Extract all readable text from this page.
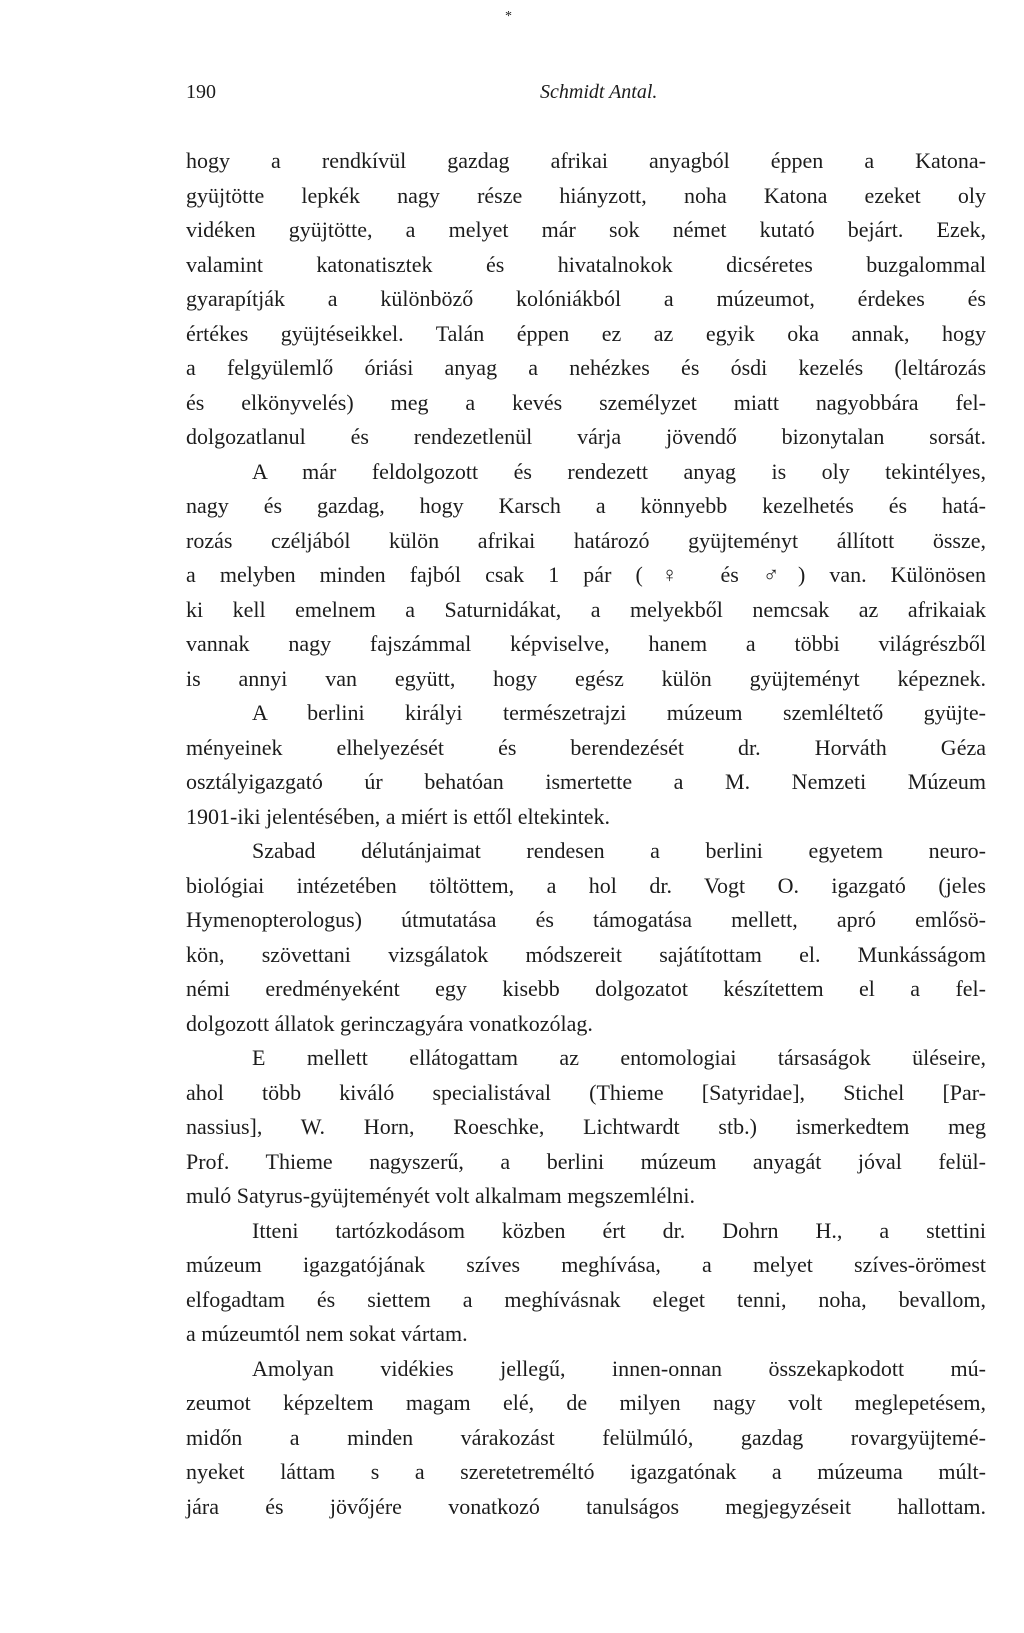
*
190	Schmidt Antal.
hogy a rendkívül gazdag afrikai anyagból éppen a Katona-
gyüjtötte lepkék nagy része hiányzott, noha Katona ezeket oly
vidéken gyüjtötte, a melyet már sok német kutató bejárt. Ezek,
valamint katonatisztek és hivatalnokok dicséretes buzgalommal
gyarapítják a különböző kolóniákból a múzeumot, érdekes és
értékes gyüjtéseikkel. Talán éppen ez az egyik oka annak, hogy
a felgyülemlő óriási anyag a nehézkes és ósdi kezelés (leltározás
és elkönyvelés) meg a kevés személyzet miatt nagyobbára fel-
dolgozatlanul és rendezetlenül várja jövendő bizonytalan sorsát.
A már feldolgozott és rendezett anyag is oly tekintélyes,
nagy és gazdag, hogy Karsch a könnyebb kezelhetés és hatá-
rozás czéljából külön afrikai határozó gyüjteményt állított össze,
a melyben minden fajból csak 1 pár (♀ és ♂) van. Különösen
ki kell emelnem a Saturnidákat, a melyekből nemcsak az afrikaiak
vannak nagy fajszámmal képviselve, hanem a többi világrészből
is annyi van együtt, hogy egész külön gyüjteményt képeznek.
A berlini királyi természetrajzi múzeum szemléltető gyüjte-
ményeinek elhelyezését és berendezését dr. Horváth Géza
osztályigazgató úr behatóan ismertette a M. Nemzeti Múzeum
1901-iki jelentésében, a miért is ettől eltekintek.
Szabad délutánjaimat rendesen a berlini egyetem neuro-
biológiai intézetében töltöttem, a hol dr. Vogt O. igazgató (jeles
Hymenopterologus) útmutatása és támogatása mellett, apró emlősö-
kön, szövettani vizsgálatok módszereit sajátítottam el. Munkásságom
némi eredményeként egy kisebb dolgozatot készítettem el a fel-
dolgozott állatok gerinczagyára vonatkozólag.
E mellett ellátogattam az entomologiai társaságok üléseire,
ahol több kiváló specialistával (Thieme [Satyridae], Stichel [Par-
nassius], W. Horn, Roeschke, Lichtwardt stb.) ismerkedtem meg
Prof. Thieme nagyszerű, a berlini múzeum anyagát jóval felül-
muló Satyrus-gyüjteményét volt alkalmam megszemlélni.
Itteni tartózkodásom közben ért dr. Dohrn H., a stettini
múzeum igazgatójának szíves meghívása, a melyet szíves-örömest
elfogadtam és siettem a meghívásnak eleget tenni, noha, bevallom,
a múzeumtól nem sokat vártam.
Amolyan vidékies jellegű, innen-onnan összekapkodott mú-
zeumot képzeltem magam elé, de milyen nagy volt meglepetésem,
midőn a minden várakozást felülmúló, gazdag rovargyüjtemé-
nyeket láttam s a szeretetreméltó igazgatónak a múzeuma múlt-
jára és jövőjére vonatkozó tanulságos megjegyzéseit hallottam.
